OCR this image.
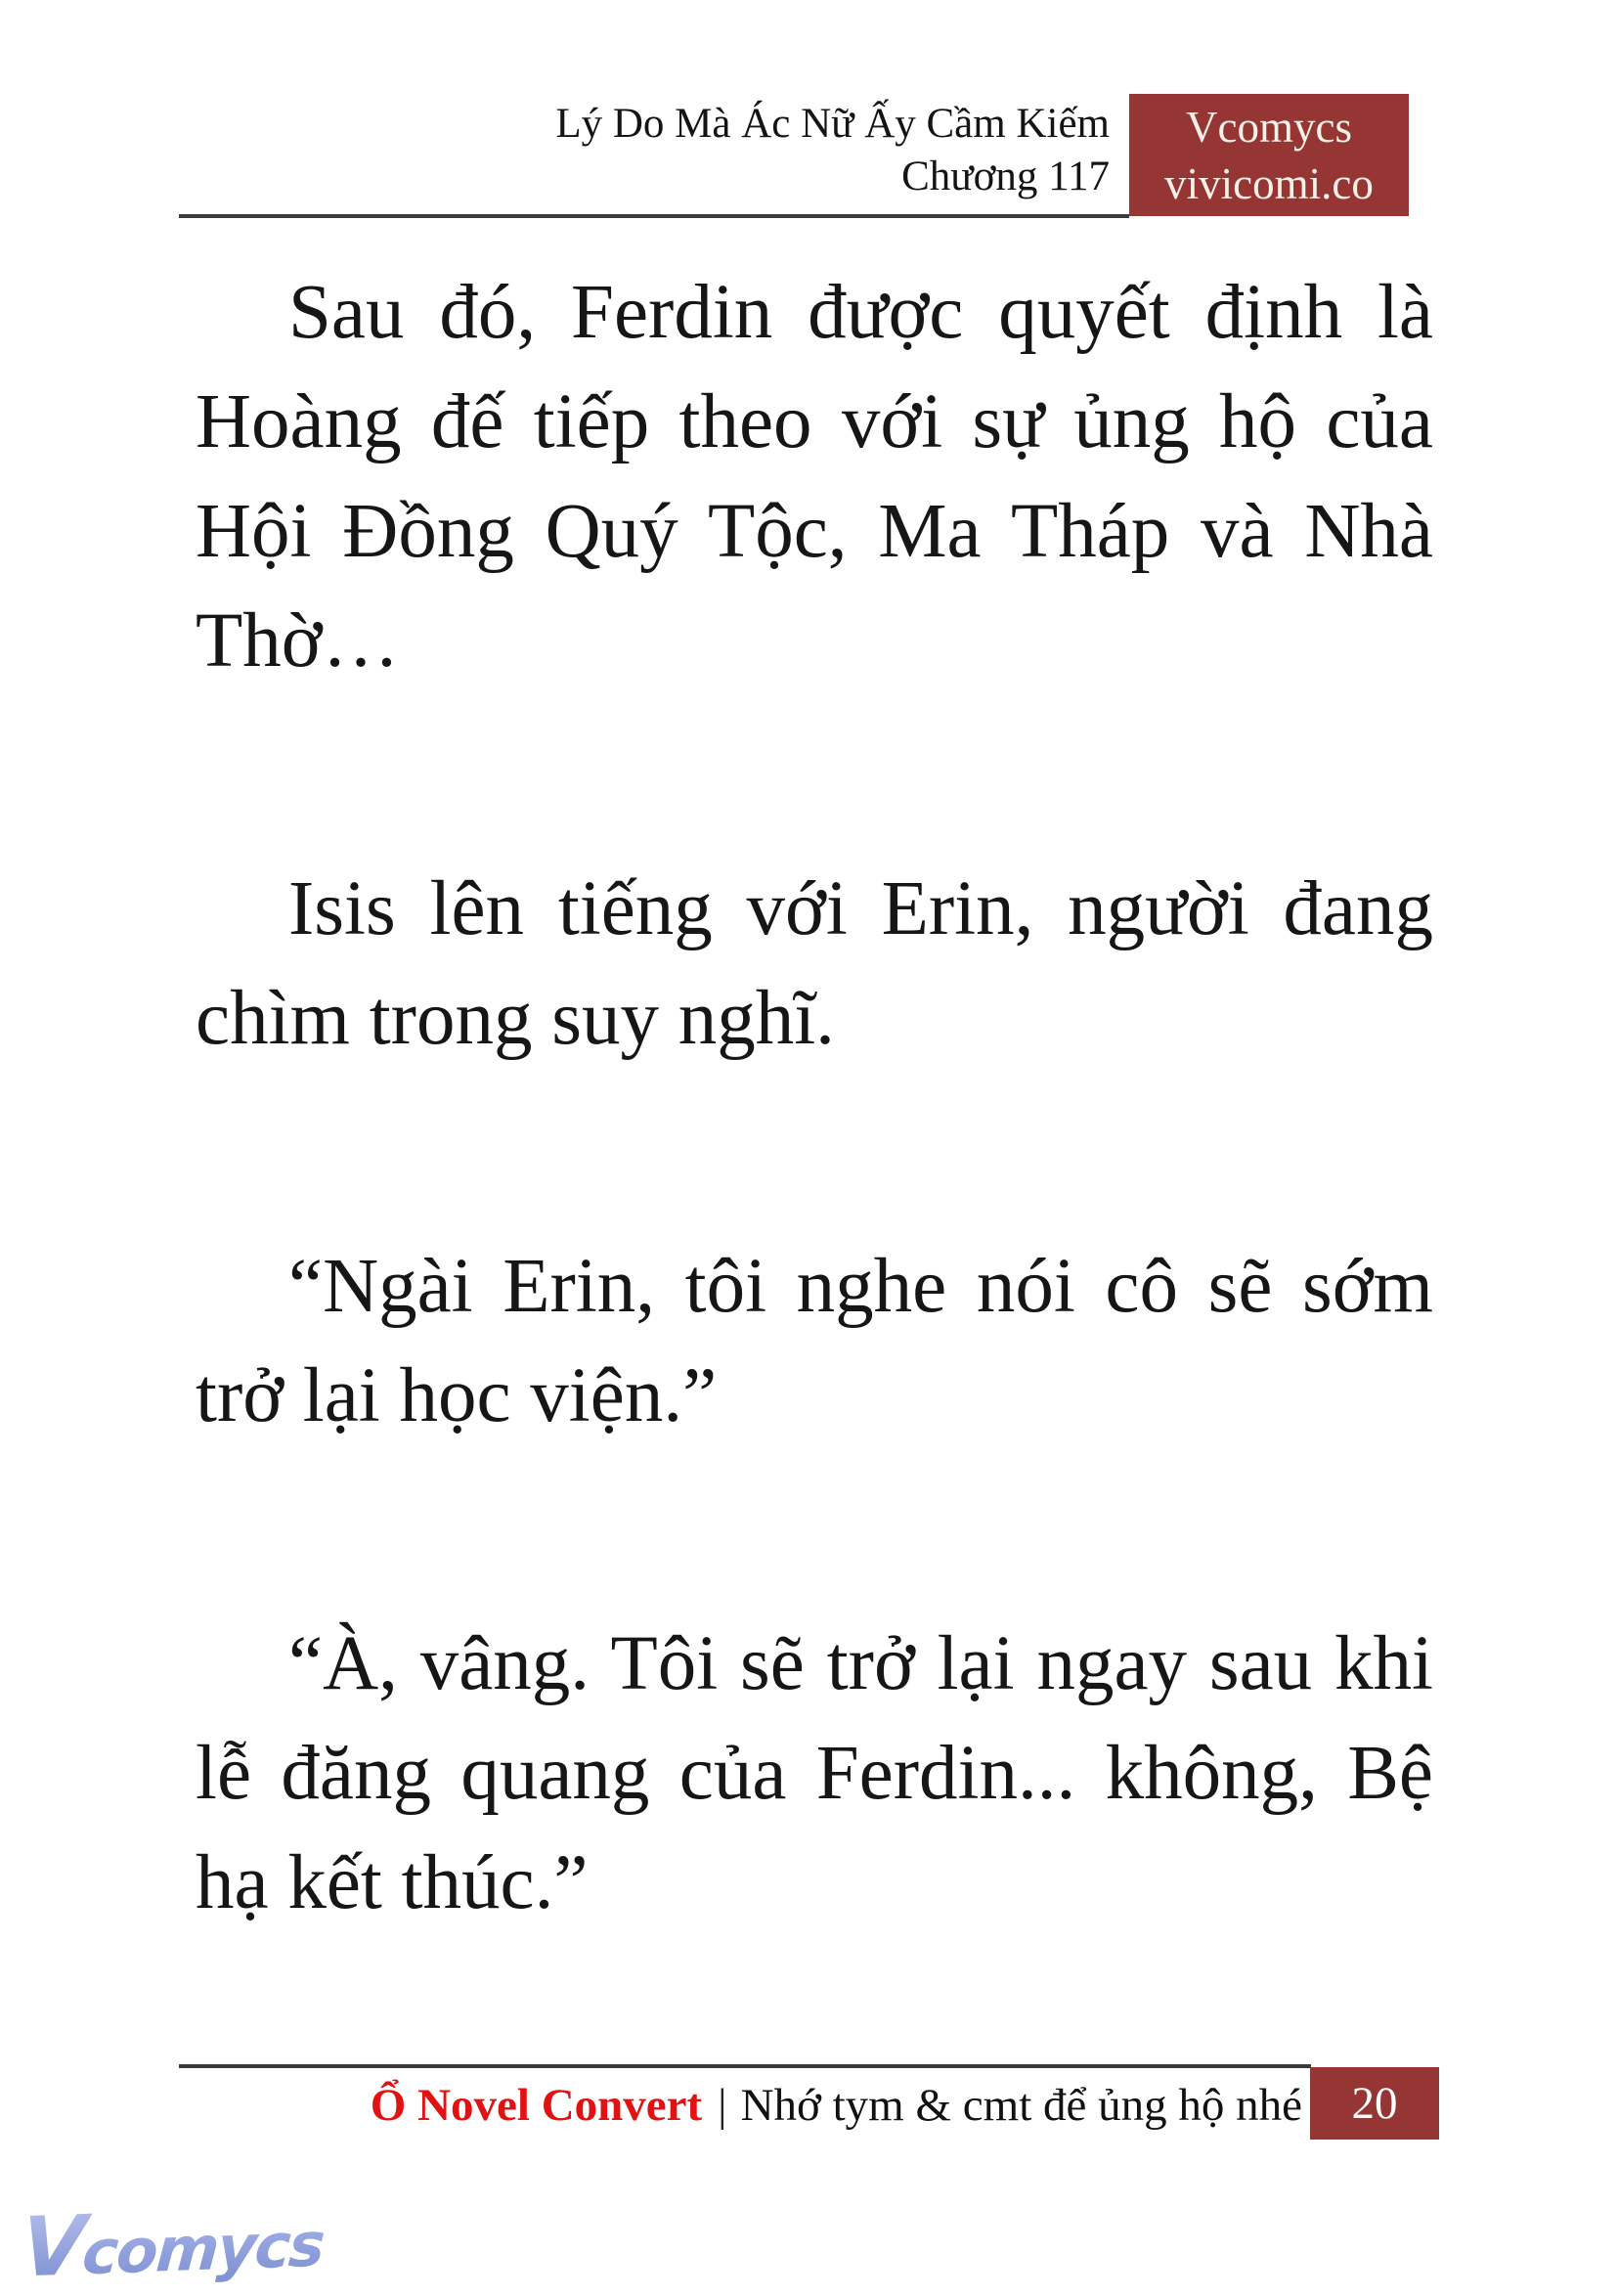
Lý Do Mà Ác Nữ Ấy Cầm Kiếm
Chương 117
Vcomycs
vivicomi.co

Sau đó, Ferdin được quyết định là Hoàng đế tiếp theo với sự ủng hộ của Hội Đồng Quý Tộc, Ma Tháp và Nhà Thờ…

Isis lên tiếng với Erin, người đang chìm trong suy nghĩ.

“Ngài Erin, tôi nghe nói cô sẽ sớm trở lại học viện.”

“À, vâng. Tôi sẽ trở lại ngay sau khi lễ đăng quang của Ferdin... không, Bệ hạ kết thúc.”

Ổ Novel Convert | Nhớ tym & cmt để ủng hộ nhé 20
Vcomycs
